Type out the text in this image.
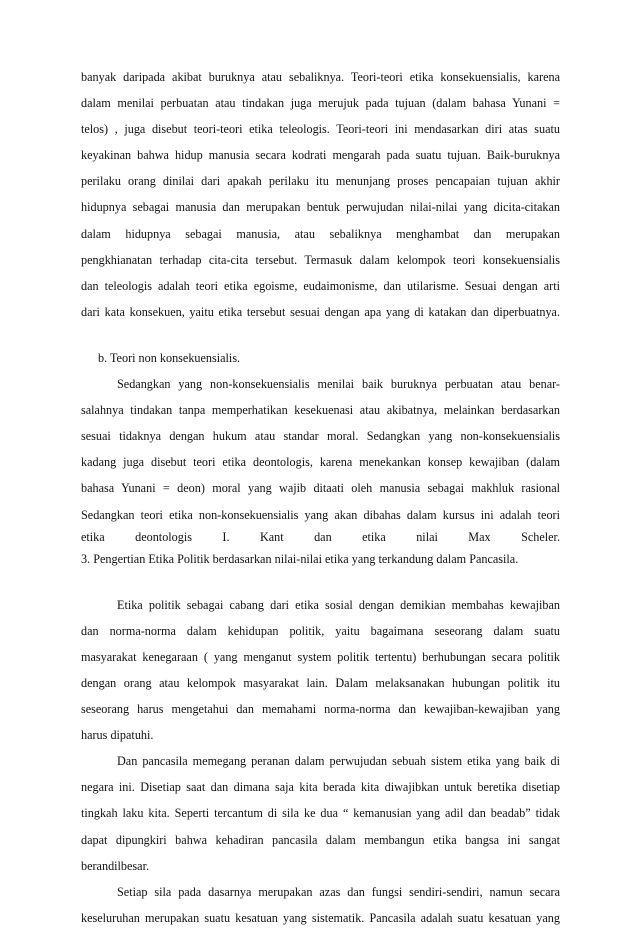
banyak daripada akibat buruknya atau sebaliknya. Teori-teori etika konsekuensialis, karena
dalam menilai perbuatan atau tindakan juga merujuk pada tujuan (dalam bahasa Yunani =
telos) , juga disebut teori-teori etika teleologis. Teori-teori ini mendasarkan diri atas suatu
keyakinan bahwa hidup manusia secara kodrati mengarah pada suatu tujuan. Baik-buruknya
perilaku orang dinilai dari apakah perilaku itu menunjang proses pencapaian tujuan akhir
hidupnya sebagai manusia dan merupakan bentuk perwujudan nilai-nilai yang dicita-citakan
dalam hidupnya sebagai manusia, atau sebaliknya menghambat dan merupakan
pengkhianatan terhadap cita-cita tersebut. Termasuk dalam kelompok teori konsekuensialis
dan teleologis adalah teori etika egoisme, eudaimonisme, dan utilarisme. Sesuai dengan arti
dari kata konsekuen, yaitu etika tersebut sesuai dengan apa yang di katakan dan diperbuatnya.
b. Teori non konsekuensialis.
Sedangkan yang non-konsekuensialis menilai baik buruknya perbuatan atau benar-
salahnya tindakan tanpa memperhatikan kesekuenasi atau akibatnya, melainkan berdasarkan
sesuai tidaknya dengan hukum atau standar moral. Sedangkan yang non-konsekuensialis
kadang juga disebut teori etika deontologis, karena menekankan konsep kewajiban (dalam
bahasa Yunani = deon) moral yang wajib ditaati oleh manusia sebagai makhluk rasional
Sedangkan teori etika non-konsekuensialis yang akan dibahas dalam kursus ini adalah teori
etika deontologis I. Kant dan etika nilai Max Scheler.
3. Pengertian Etika Politik berdasarkan nilai-nilai etika yang terkandung dalam Pancasila.
Etika politik sebagai cabang dari etika sosial dengan demikian membahas kewajiban
dan norma-norma dalam kehidupan politik, yaitu bagaimana seseorang dalam suatu
masyarakat kenegaraan ( yang menganut system politik tertentu) berhubungan secara politik
dengan orang atau kelompok masyarakat lain. Dalam melaksanakan hubungan politik itu
seseorang harus mengetahui dan memahami norma-norma dan kewajiban-kewajiban yang
harus dipatuhi.
Dan pancasila memegang peranan dalam perwujudan sebuah sistem etika yang baik di
negara ini. Disetiap saat dan dimana saja kita berada kita diwajibkan untuk beretika disetiap
tingkah laku kita. Seperti tercantum di sila ke dua “ kemanusian yang adil dan beadab” tidak
dapat dipungkiri bahwa kehadiran pancasila dalam membangun etika bangsa ini sangat
berandilbesar.
Setiap sila pada dasarnya merupakan azas dan fungsi sendiri-sendiri, namun secara
keseluruhan merupakan suatu kesatuan yang sistematik. Pancasila adalah suatu kesatuan yang
